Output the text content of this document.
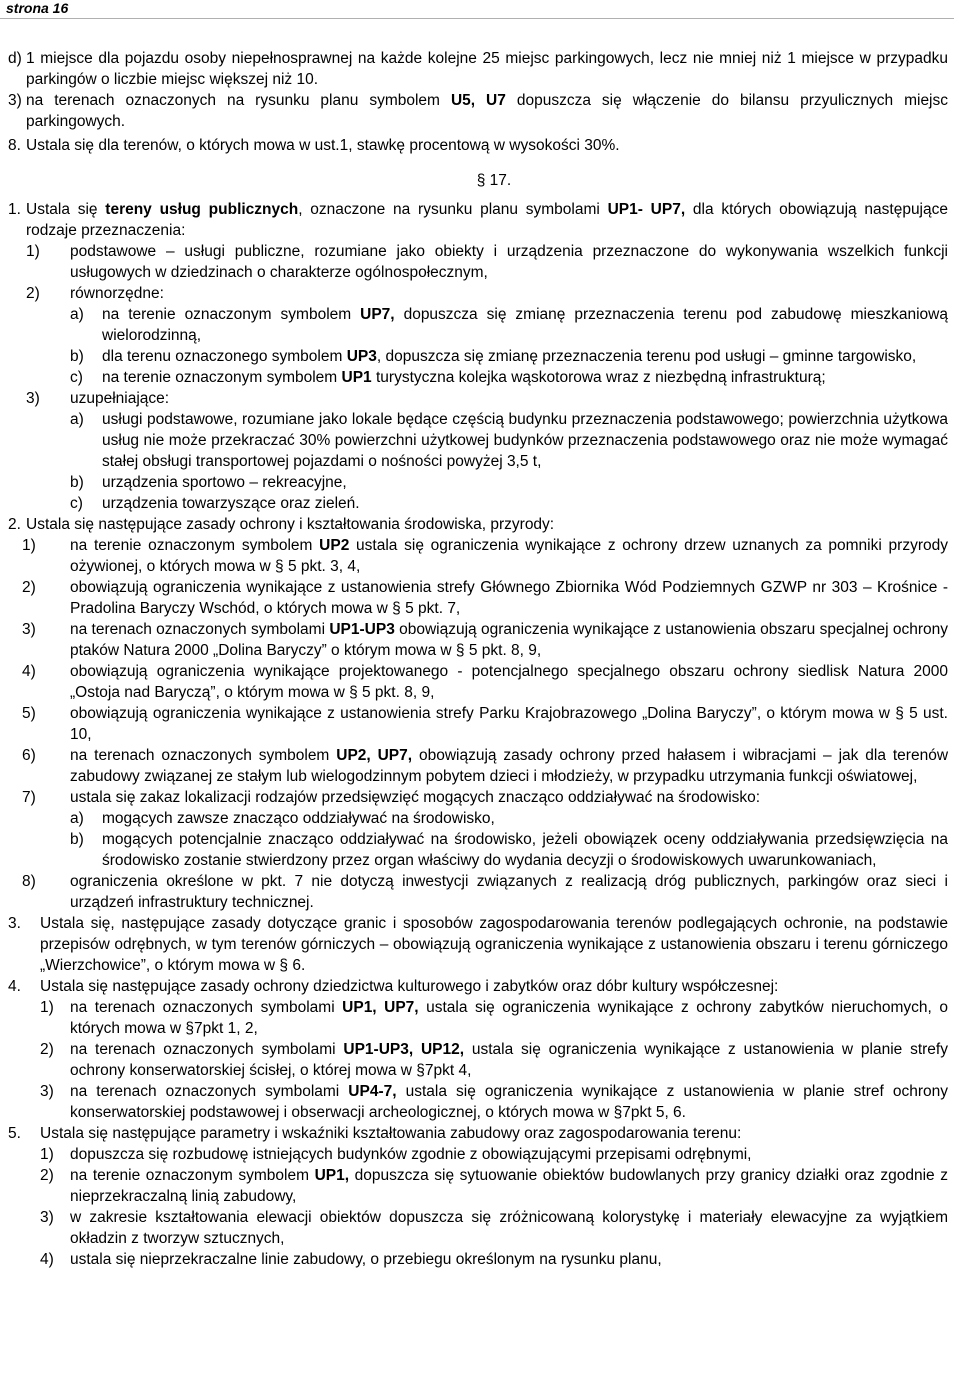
strona 16
d) 1 miejsce dla pojazdu osoby niepełnosprawnej na każde kolejne 25 miejsc parkingowych, lecz nie mniej niż 1 miejsce w przypadku parkingów o liczbie miejsc większej niż 10.
3) na terenach oznaczonych na rysunku planu symbolem U5, U7 dopuszcza się włączenie do bilansu przyulicznych miejsc parkingowych.
8. Ustala się dla terenów, o których mowa w ust.1, stawkę procentową w wysokości 30%.
§ 17.
1. Ustala się tereny usług publicznych, oznaczone na rysunku planu symbolami UP1- UP7, dla których obowiązują następujące rodzaje przeznaczenia:
1) podstawowe – usługi publiczne, rozumiane jako obiekty i urządzenia przeznaczone do wykonywania wszelkich funkcji usługowych w dziedzinach o charakterze ogólnospołecznym,
2) równorzędne:
a) na terenie oznaczonym symbolem UP7, dopuszcza się zmianę przeznaczenia terenu pod zabudowę mieszkaniową wielorodzinną,
b) dla terenu oznaczonego symbolem UP3, dopuszcza się zmianę przeznaczenia terenu pod usługi – gminne targowisko,
c) na terenie oznaczonym symbolem UP1 turystyczna kolejka wąskotorowa wraz z niezbędną infrastrukturą;
3) uzupełniające:
a) usługi podstawowe, rozumiane jako lokale będące częścią budynku przeznaczenia podstawowego; powierzchnia użytkowa usług nie może przekraczać 30% powierzchni użytkowej budynków przeznaczenia podstawowego oraz nie może wymagać stałej obsługi transportowej pojazdami o nośności powyżej 3,5 t,
b) urządzenia sportowo – rekreacyjne,
c) urządzenia towarzyszące oraz zieleń.
2. Ustala się następujące zasady ochrony i kształtowania środowiska, przyrody:
1) na terenie oznaczonym symbolem UP2 ustala się ograniczenia wynikające z ochrony drzew uznanych za pomniki przyrody ożywionej, o których mowa w § 5 pkt. 3, 4,
2) obowiązują ograniczenia wynikające z ustanowienia strefy Głównego Zbiornika Wód Podziemnych GZWP nr 303 – Krośnice - Pradolina Baryczy Wschód, o których mowa w § 5 pkt. 7,
3) na terenach oznaczonych symbolami UP1-UP3 obowiązują ograniczenia wynikające z ustanowienia obszaru specjalnej ochrony ptaków Natura 2000 „Dolina Baryczy” o którym mowa w § 5 pkt. 8, 9,
4) obowiązują ograniczenia wynikające projektowanego - potencjalnego specjalnego obszaru ochrony siedlisk Natura 2000 „Ostoja nad Baryczą”, o którym mowa w § 5 pkt. 8, 9,
5) obowiązują ograniczenia wynikające z ustanowienia strefy Parku Krajobrazowego „Dolina Baryczy”, o którym mowa w § 5 ust. 10,
6) na terenach oznaczonych symbolem UP2, UP7, obowiązują zasady ochrony przed hałasem i wibracjami – jak dla terenów zabudowy związanej ze stałym lub wielogodzinnym pobytem dzieci i młodzieży, w przypadku utrzymania funkcji oświatowej,
7) ustala się zakaz lokalizacji rodzajów przedsięwzięć mogących znacząco oddziaływać na środowisko:
a) mogących zawsze znacząco oddziaływać na środowisko,
b) mogących potencjalnie znacząco oddziaływać na środowisko, jeżeli obowiązek oceny oddziaływania przedsięwzięcia na środowisko zostanie stwierdzony przez organ właściwy do wydania decyzji o środowiskowych uwarunkowaniach,
8) ograniczenia określone w pkt. 7 nie dotyczą inwestycji związanych z realizacją dróg publicznych, parkingów oraz sieci i urządzeń infrastruktury technicznej.
3. Ustala się, następujące zasady dotyczące granic i sposobów zagospodarowania terenów podlegających ochronie, na podstawie przepisów odrębnych, w tym terenów górniczych – obowiązują ograniczenia wynikające z ustanowienia obszaru i terenu górniczego „Wierzchowice”, o którym mowa w § 6.
4. Ustala się następujące zasady ochrony dziedzictwa kulturowego i zabytków oraz dóbr kultury współczesnej:
1) na terenach oznaczonych symbolami UP1, UP7, ustala się ograniczenia wynikające z ochrony zabytków nieruchomych, o których mowa w §7pkt 1, 2,
2) na terenach oznaczonych symbolami UP1-UP3, UP12, ustala się ograniczenia wynikające z ustanowienia w planie strefy ochrony konserwatorskiej ścisłej, o której mowa w §7pkt 4,
3) na terenach oznaczonych symbolami UP4-7, ustala się ograniczenia wynikające z ustanowienia w planie stref ochrony konserwatorskiej podstawowej i obserwacji archeologicznej, o których mowa w §7pkt 5, 6.
5. Ustala się następujące parametry i wskaźniki kształtowania zabudowy oraz zagospodarowania terenu:
1) dopuszcza się rozbudowę istniejących budynków zgodnie z obowiązującymi przepisami odrębnymi,
2) na terenie oznaczonym symbolem UP1, dopuszcza się sytuowanie obiektów budowlanych przy granicy działki oraz zgodnie z nieprzekraczalną linią zabudowy,
3) w zakresie kształtowania elewacji obiektów dopuszcza się zróżnicowaną kolorystykę i materiały elewacyjne za wyjątkiem okładzin z tworzyw sztucznych,
4) ustala się nieprzekraczalne linie zabudowy, o przebiegu określonym na rysunku planu,
